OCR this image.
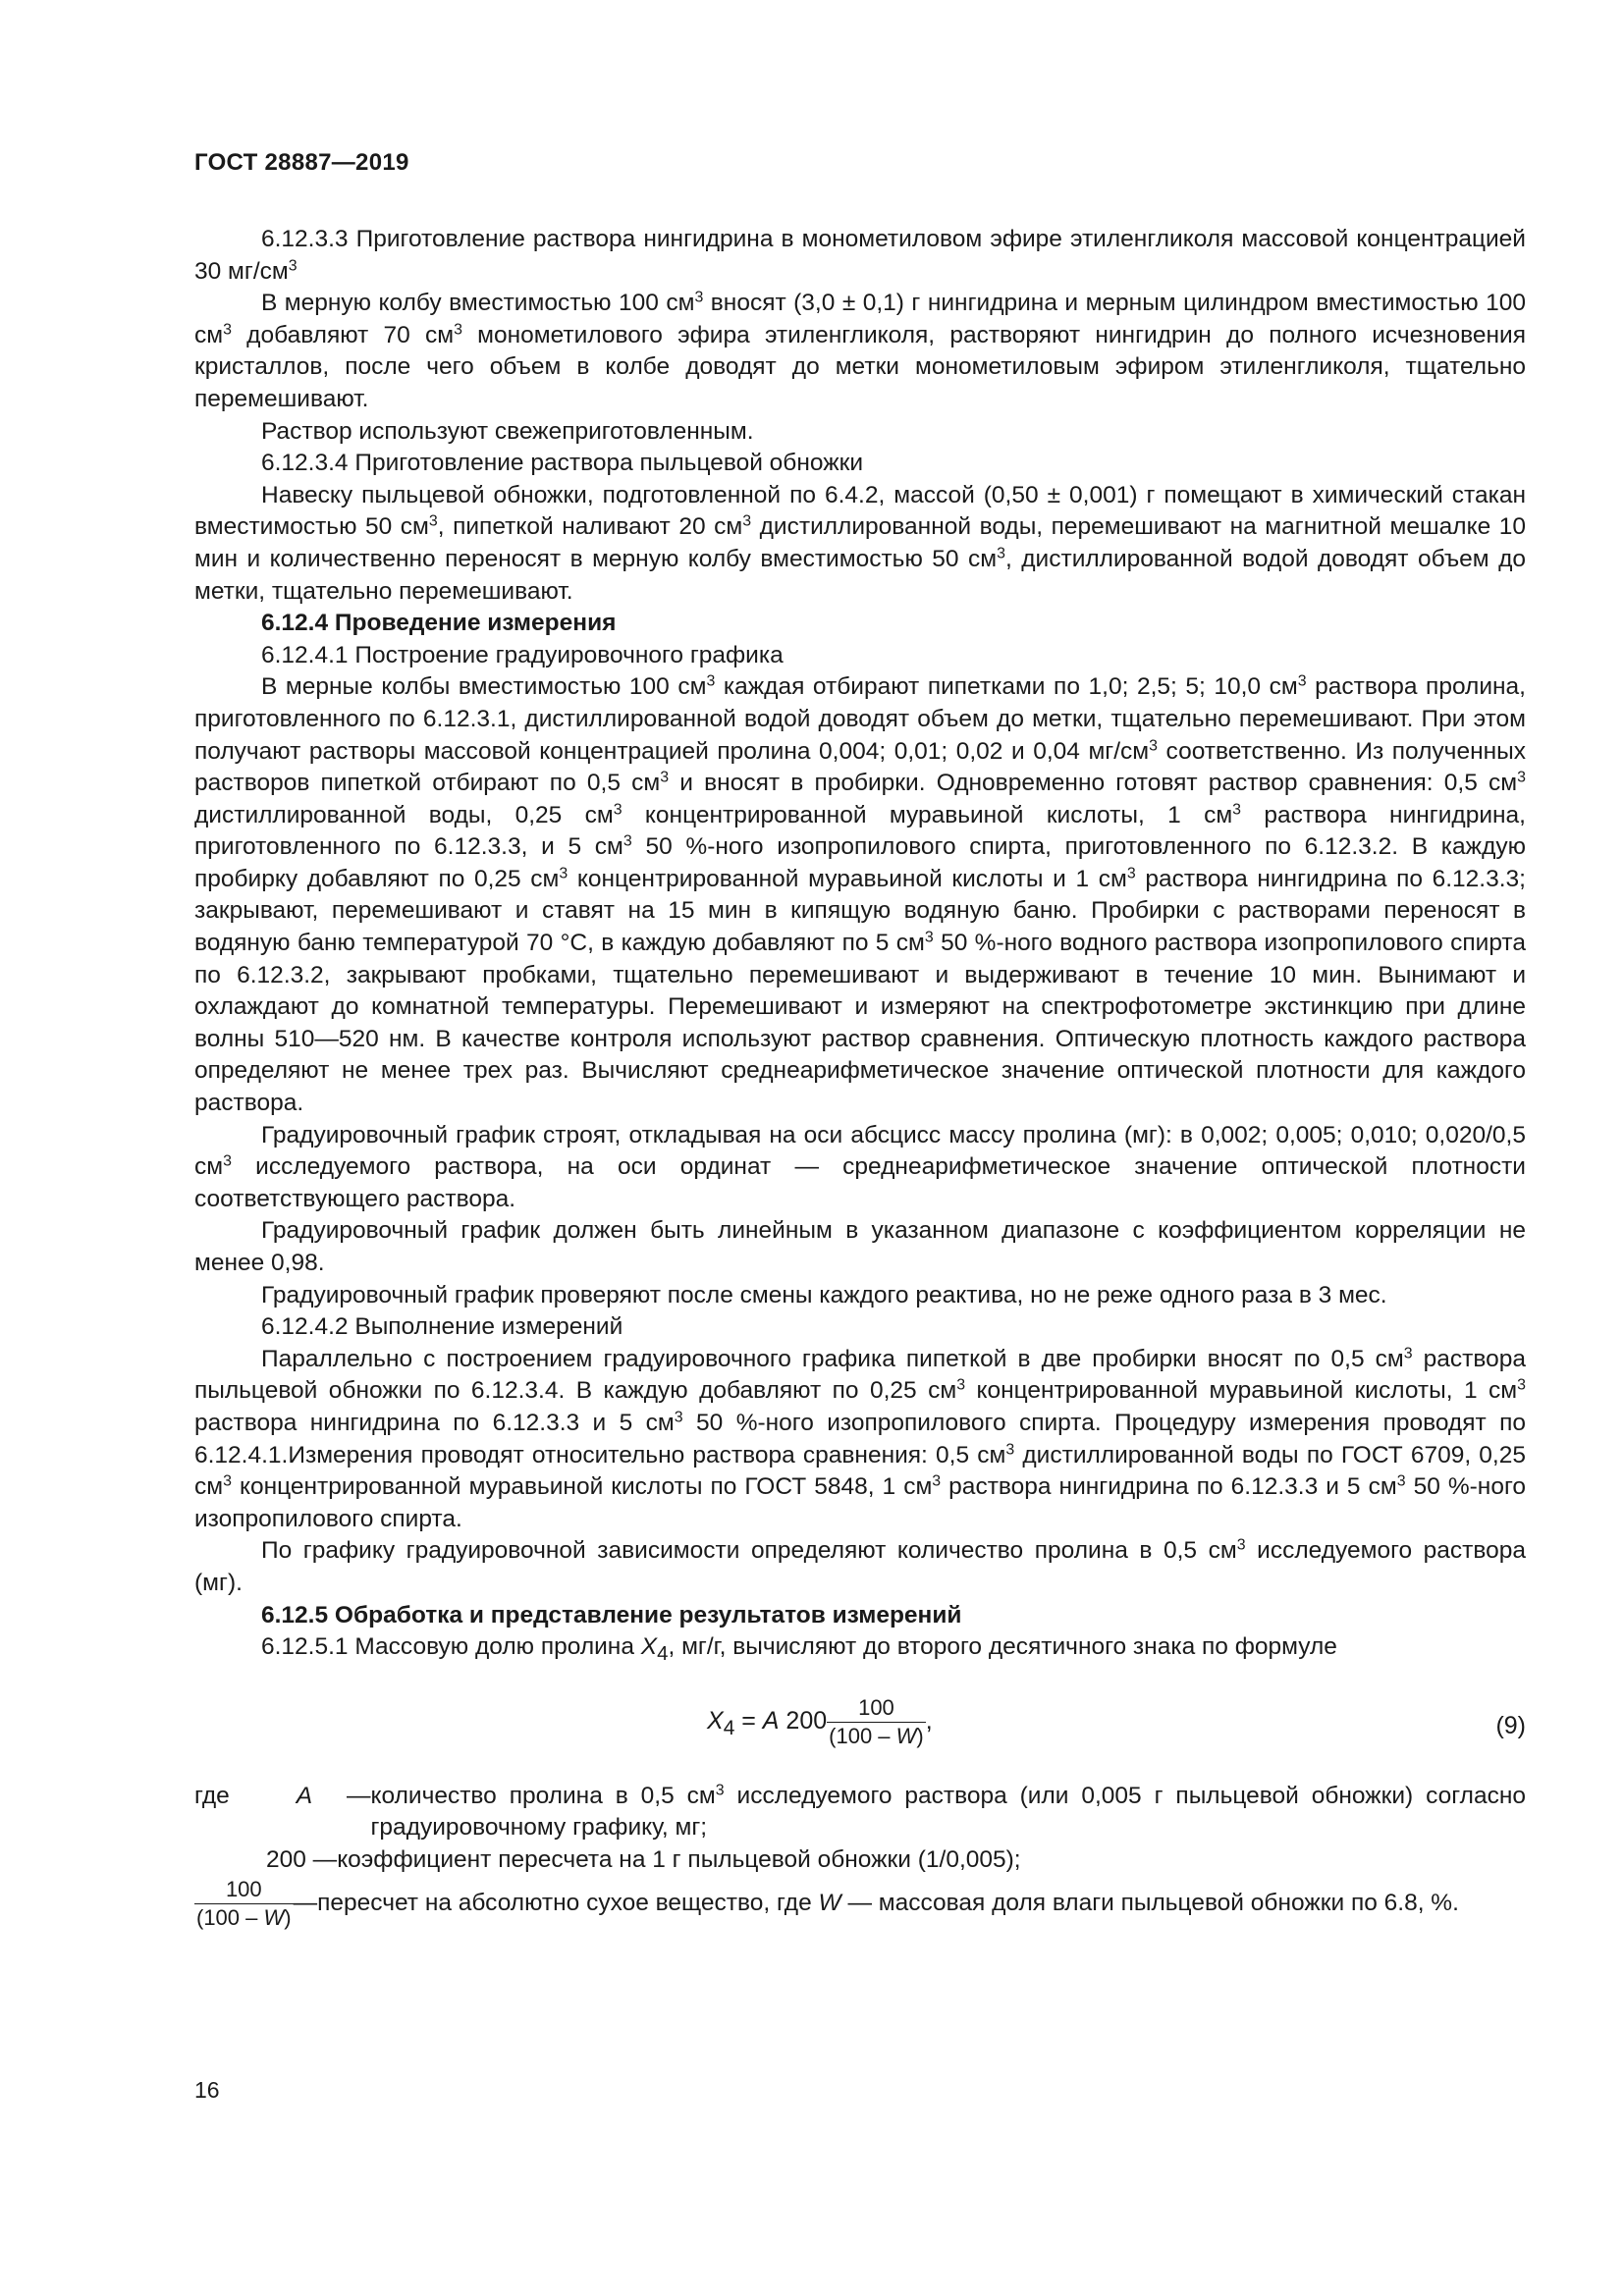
ГОСТ 28887—2019

6.12.3.3 Приготовление раствора нингидрина в монометиловом эфире этиленгликоля массовой концентрацией 30 $мг/см^3$

В мерную колбу вместимостью 100 $см^3$ вносят (3,0 ± 0,1) г нингидрина и мерным цилиндром вместимостью 100 $см^3$ добавляют 70 $см^3$ монометилового эфира этиленгликоля, растворяют нингидрин до полного исчезновения кристаллов, после чего объем в колбе доводят до метки монометиловым эфиром этиленгликоля, тщательно перемешивают.

Раствор используют свежеприготовленным.

6.12.3.4 Приготовление раствора пыльцевой обножки

Навеску пыльцевой обножки, подготовленной по 6.4.2, массой (0,50 ± 0,001) г помещают в химический стакан вместимостью 50 $см^3$, пипеткой наливают 20 $см^3$ дистиллированной воды, перемешивают на магнитной мешалке 10 мин и количественно переносят в мерную колбу вместимостью 50 $см^3$, дистиллированной водой доводят объем до метки, тщательно перемешивают.

6.12.4 Проведение измерения

6.12.4.1 Построение градуировочного графика

В мерные колбы вместимостью 100 $см^3$ каждая отбирают пипетками по 1,0; 2,5; 5; 10,0 $см^3$ раствора пролина, приготовленного по 6.12.3.1, дистиллированной водой доводят объем до метки, тщательно перемешивают. При этом получают растворы массовой концентрацией пролина 0,004; 0,01; 0,02 и 0,04 $мг/см^3$ соответственно. Из полученных растворов пипеткой отбирают по 0,5 $см^3$ и вносят в пробирки. Одновременно готовят раствор сравнения: 0,5 $см^3$ дистиллированной воды, 0,25 $см^3$ концентрированной муравьиной кислоты, 1 $см^3$ раствора нингидрина, приготовленного по 6.12.3.3, и 5 $см^3$ 50 %-ного изопропилового спирта, приготовленного по 6.12.3.2. В каждую пробирку добавляют по 0,25 $см^3$ концентрированной муравьиной кислоты и 1 $см^3$ раствора нингидрина по 6.12.3.3; закрывают, перемешивают и ставят на 15 мин в кипящую водяную баню. Пробирки с растворами переносят в водяную баню температурой 70 °С, в каждую добавляют по 5 $см^3$ 50 %-ного водного раствора изопропилового спирта по 6.12.3.2, закрывают пробками, тщательно перемешивают и выдерживают в течение 10 мин. Вынимают и охлаждают до комнатной температуры. Перемешивают и измеряют на спектрофотометре экстинкцию при длине волны 510—520 нм. В качестве контроля используют раствор сравнения. Оптическую плотность каждого раствора определяют не менее трех раз. Вычисляют среднеарифметическое значение оптической плотности для каждого раствора.

Градуировочный график строят, откладывая на оси абсцисс массу пролина (мг): в 0,002; 0,005; 0,010; 0,020/0,5 $см^3$ исследуемого раствора, на оси ординат — среднеарифметическое значение оптической плотности соответствующего раствора.

Градуировочный график должен быть линейным в указанном диапазоне с коэффициентом корреляции не менее 0,98.

Градуировочный график проверяют после смены каждого реактива, но не реже одного раза в 3 мес.

6.12.4.2 Выполнение измерений

Параллельно с построением градуировочного графика пипеткой в две пробирки вносят по 0,5 $см^3$ раствора пыльцевой обножки по 6.12.3.4. В каждую добавляют по 0,25 $см^3$ концентрированной муравьиной кислоты, 1 $см^3$ раствора нингидрина по 6.12.3.3 и 5 $см^3$ 50 %-ного изопропилового спирта. Процедуру измерения проводят по 6.12.4.1.Измерения проводят относительно раствора сравнения: 0,5 $см^3$ дистиллированной воды по ГОСТ 6709, 0,25 $см^3$ концентрированной муравьиной кислоты по ГОСТ 5848, 1 $см^3$ раствора нингидрина по 6.12.3.3 и 5 $см^3$ 50 %-ного изопропилового спирта.

По графику градуировочной зависимости определяют количество пролина в 0,5 $см^3$ исследуемого раствора (мг).

6.12.5 Обработка и представление результатов измерений

6.12.5.1 Массовую долю пролина $X_4$, мг/г, вычисляют до второго десятичного знака по формуле

$X_4 = A$ $200 \frac{100}{(100 - W)}$ ,	(9)
где	A	— количество пролина в 0,5 $см^3$ исследуемого раствора (или 0,005 г пыльцевой обножки) согласно градуировочному графику, мг;
200 — коэффициент пересчета на 1 г пыльцевой обножки (1/0,005);
$\frac{100}{(100 - W)}$ — пересчет на абсолютно сухое вещество, где W — массовая доля влаги пыльцевой обножки по 6.8, %.
16
